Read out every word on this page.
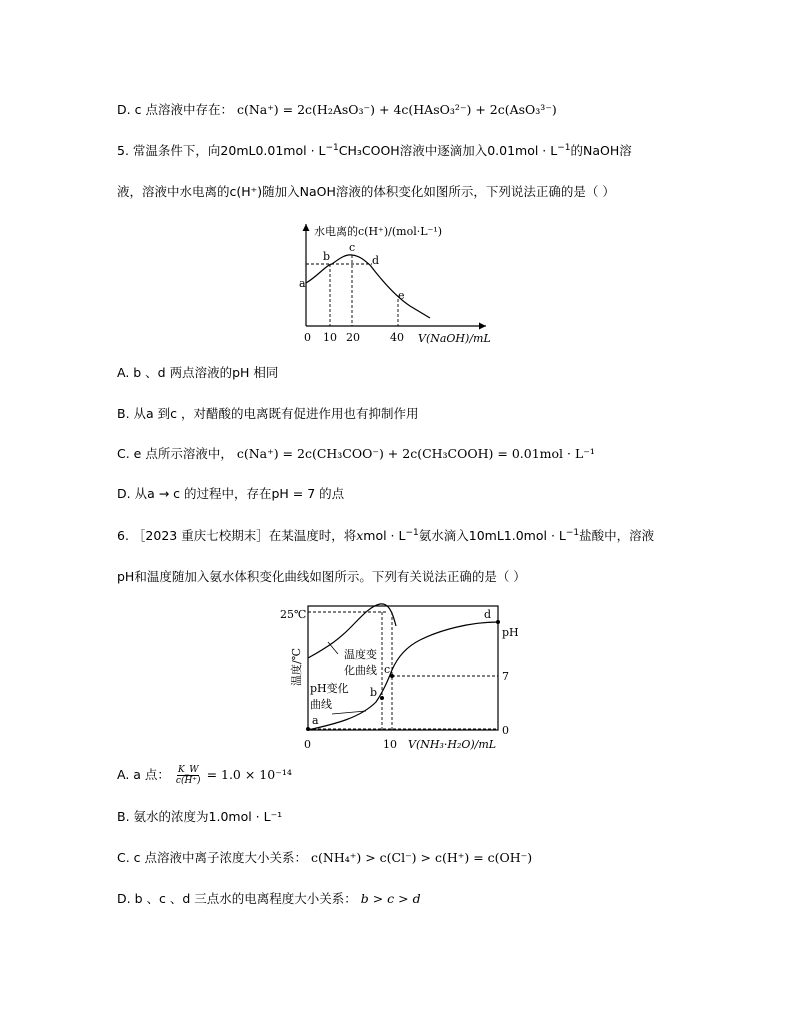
D. c 点溶液中存在： c(Na⁺) = 2c(H₂AsO₃⁻) + 4c(HAsO₃²⁻) + 2c(AsO₃³⁻)
5. 常温条件下，向$20mL0.01mol \cdot L^{-1}CH_3COOH$溶液中逐滴加入$0.01mol \cdot L^{-1}$的NaOH溶
液，溶液中水电离的c(H⁺)随加入NaOH溶液的体积变化如图所示，下列说法正确的是（ ）
水电离的c(H⁺)/(mol·L⁻¹)
a
b
c
d
e
0 10 20	40 V(NaOH)/mL
A. b 、d 两点溶液的pH 相同
B. 从a 到c ，对醋酸的电离既有促进作用也有抑制作用
C. e 点所示溶液中， c(Na⁺) = 2c(CH₃COO⁻) + 2c(CH₃COOH) = 0.01mol · L⁻¹
D. 从a → c 的过程中，存在pH = 7 的点
6. ［2023 重庆七校期末］在某温度时，将xmol · $L^{-1}$氨水滴入$10mL1.0mol \cdot L^{-1}$盐酸中，溶液
pH和温度随加入氨水体积变化曲线如图所示。下列有关说法正确的是（ ）
25℃
温度/℃	温度变
化曲线
pH变化
曲线
a
b
c
d
pH
7
0
0	10 V(NH₃·H₂O)/mL
A. a 点： $\frac{K\_W}{c(H^+)} = 1.0 \times 10^{-14}$
B. 氨水的浓度为1.0mol · L⁻¹
C. c 点溶液中离子浓度大小关系： c(NH₄⁺) > c(Cl⁻) > c(H⁺) = c(OH⁻)
D. b 、c 、d 三点水的电离程度大小关系： b > c > d
